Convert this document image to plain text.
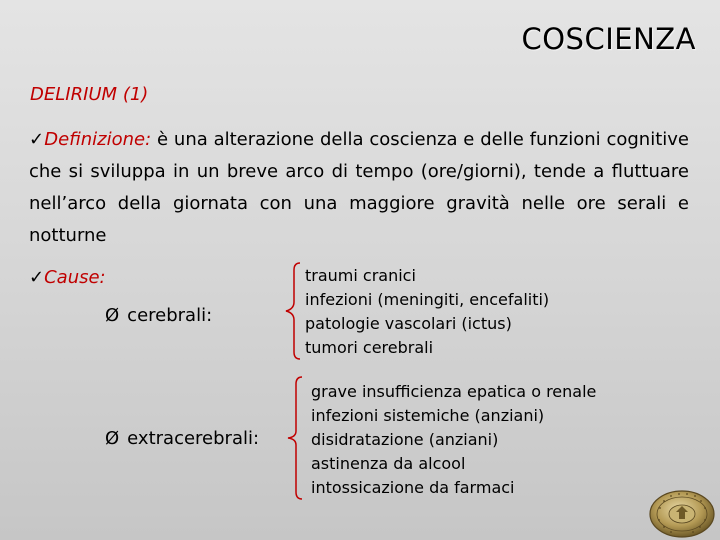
COSCIENZA
DELIRIUM (1)
✓Definizione: è una alterazione della coscienza e delle funzioni cognitive che si sviluppa in un breve arco di tempo (ore/giorni), tende a fluttuare nell’arco della giornata con una maggiore gravità nelle ore serali e notturne
✓Cause:
Ø cerebrali:
traumi cranici
infezioni (meningiti, encefaliti)
patologie vascolari (ictus)
tumori cerebrali
Ø extracerebrali:
grave insufficienza epatica o renale
infezioni sistemiche (anziani)
disidratazione (anziani)
astinenza da alcool
intossicazione da farmaci
